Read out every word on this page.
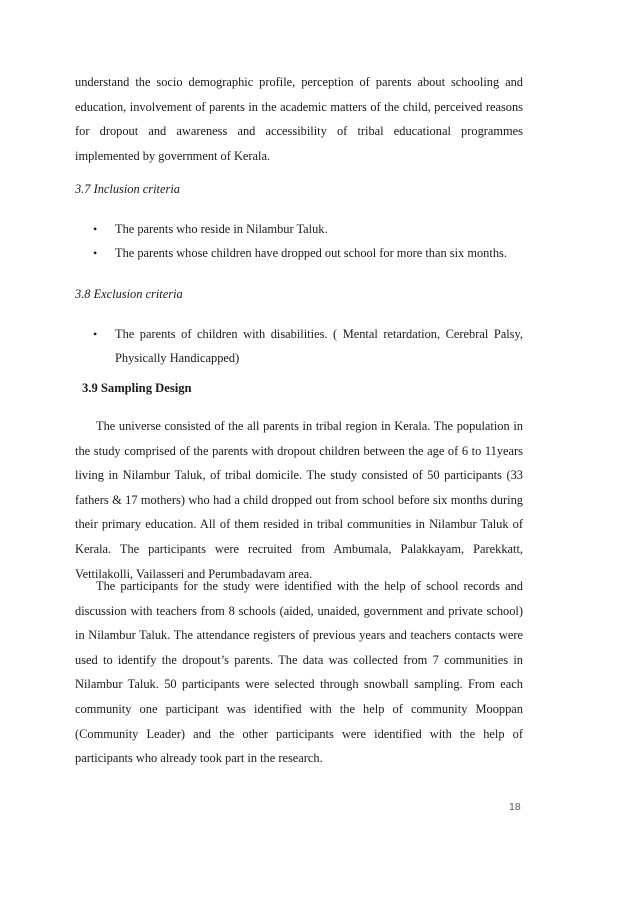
understand the socio demographic profile, perception of parents about schooling and education, involvement of parents in the academic matters of the child, perceived reasons for dropout and awareness and accessibility of tribal educational programmes implemented by government of Kerala.

3.7 Inclusion criteria

• The parents who reside in Nilambur Taluk.
• The parents whose children have dropped out school for more than six months.

3.8 Exclusion criteria

• The parents of children with disabilities. ( Mental retardation, Cerebral Palsy, Physically Handicapped)

3.9 Sampling Design

The universe consisted of the all parents in tribal region in Kerala. The population in the study comprised of the parents with dropout children between the age of 6 to 11years living in Nilambur Taluk, of tribal domicile. The study consisted of 50 participants (33 fathers & 17 mothers) who had a child dropped out from school before six months during their primary education. All of them resided in tribal communities in Nilambur Taluk of Kerala. The participants were recruited from Ambumala, Palakkayam, Parekkatt, Vettilakolli, Vailasseri and Perumbadavam area.

The participants for the study were identified with the help of school records and discussion with teachers from 8 schools (aided, unaided, government and private school) in Nilambur Taluk. The attendance registers of previous years and teachers contacts were used to identify the dropout’s parents. The data was collected from 7 communities in Nilambur Taluk. 50 participants were selected through snowball sampling. From each community one participant was identified with the help of community Mooppan (Community Leader) and the other participants were identified with the help of participants who already took part in the research.

18
